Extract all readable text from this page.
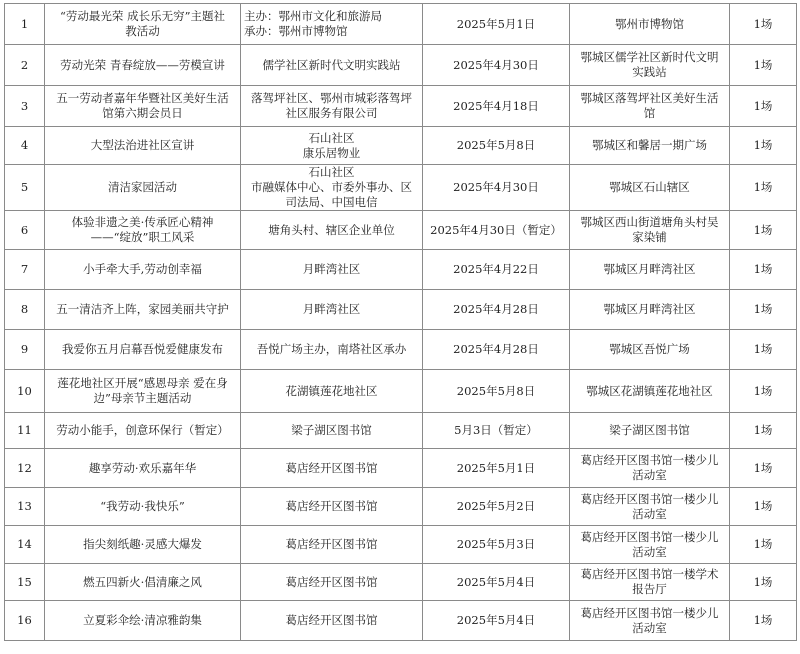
1	“劳动最光荣 成长乐无穷”主题社
教活动	主办：鄂州市文化和旅游局
承办：鄂州市博物馆	2025年5月1日	鄂州市博物馆	1场
2	劳动光荣 青春绽放——劳模宣讲	儒学社区新时代文明实践站	2025年4月30日	鄂城区儒学社区新时代文明
实践站	1场
3	五一劳动者嘉年华暨社区美好生活
馆第六期会员日	落驾坪社区、鄂州市城彩落驾坪
社区服务有限公司	2025年4月18日	鄂城区落驾坪社区美好生活
馆	1场
4	大型法治进社区宣讲	石山社区
康乐居物业	2025年5月8日	鄂城区和馨居一期广场	1场
5	清洁家园活动	石山社区
市融媒体中心、市委外事办、区
司法局、中国电信	2025年4月30日	鄂城区石山辖区	1场
6	体验非遗之美·传承匠心精神
——“绽放”职工风采	塘角头村、辖区企业单位	2025年4月30日（暂定）	鄂城区西山街道塘角头村吴
家染铺	1场
7	小手牵大手,劳动创幸福	月畔湾社区	2025年4月22日	鄂城区月畔湾社区	1场
8	五一清洁齐上阵，家园美丽共守护	月畔湾社区	2025年4月28日	鄂城区月畔湾社区	1场
9	我爱你五月启幕吾悦爱健康发布	吾悦广场主办，南塔社区承办	2025年4月28日	鄂城区吾悦广场	1场
10	莲花地社区开展“感恩母亲 爱在身
边”母亲节主题活动	花湖镇莲花地社区	2025年5月8日	鄂城区花湖镇莲花地社区	1场
11	劳动小能手，创意环保行（暂定）	梁子湖区图书馆	5月3日（暂定）	梁子湖区图书馆	1场
12	趣享劳动·欢乐嘉年华	葛店经开区图书馆	2025年5月1日	葛店经开区图书馆一楼少儿
活动室	1场
13	“我劳动·我快乐”	葛店经开区图书馆	2025年5月2日	葛店经开区图书馆一楼少儿
活动室	1场
14	指尖刻纸趣·灵感大爆发	葛店经开区图书馆	2025年5月3日	葛店经开区图书馆一楼少儿
活动室	1场
15	燃五四新火·倡清廉之风	葛店经开区图书馆	2025年5月4日	葛店经开区图书馆一楼学术
报告厅	1场
16	立夏彩伞绘·清凉雅韵集	葛店经开区图书馆	2025年5月4日	葛店经开区图书馆一楼少儿
活动室	1场
